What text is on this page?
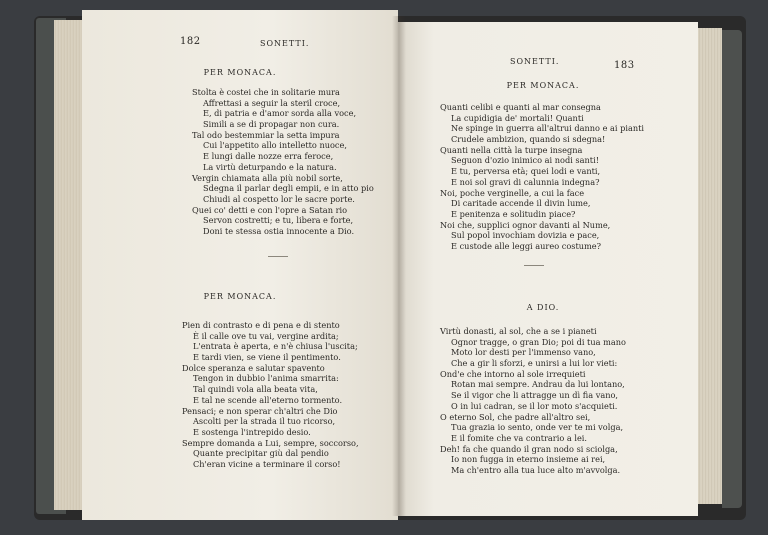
182	SONETTI.
PER MONACA.
Stolta è costei che in solitarie mura
Affrettasi a seguir la steril croce,
E, di patria e d'amor sorda alla voce,
Simili a se di propagar non cura.
Tal odo bestemmiar la setta impura
Cui l'appetito allo intelletto nuoce,
E lungi dalle nozze erra feroce,
La virtù deturpando e la natura.
Vergin chiamata alla più nobil sorte,
Sdegna il parlar degli empii, e in atto pio
Chiudi al cospetto lor le sacre porte.
Quei co' detti e con l'opre a Satan rio
Servon costretti; e tu, libera e forte,
Doni te stessa ostia innocente a Dio.
PER MONACA.
Pien di contrasto e di pena e di stento
È il calle ove tu vai, vergine ardita;
L'entrata è aperta, e n'è chiusa l'uscita;
E tardi vien, se viene il pentimento.
Dolce speranza e salutar spavento
Tengon in dubbio l'anima smarrita:
Tal quindi vola alla beata vita,
E tal ne scende all'eterno tormento.
Pensaci; e non sperar ch'altri che Dio
Ascolti per la strada il tuo ricorso,
E sostenga l'intrepido desio.
Sempre domanda a Lui, sempre, soccorso,
Quante precipitar giù dal pendio
Ch'eran vicine a terminare il corso!
SONETTI.	183
PER MONACA.
Quanti celibi e quanti al mar consegna
La cupidigia de' mortali! Quanti
Ne spinge in guerra all'altrui danno e ai pianti
Crudele ambizion, quando si sdegna!
Quanti nella città la turpe insegna
Seguon d'ozio inimico ai nodi santi!
E tu, perversa età; quei lodi e vanti,
E noi sol gravi di calunnia indegna?
Noi, poche verginelle, a cui la face
Di caritade accende il divin lume,
E penitenza e solitudin piace?
Noi che, supplici ognor davanti al Nume,
Sul popol invochiam dovizia e pace,
E custode alle leggi aureo costume?
A DIO.
Virtù donasti, al sol, che a se i pianeti
Ognor tragge, o gran Dio; poi di tua mano
Moto lor desti per l'immenso vano,
Che a gir li sforzi, e unirsi a lui lor vieti:
Ond'e che intorno al sole irrequieti
Rotan mai sempre. Andrau da lui lontano,
Se il vigor che li attragge un dì fia vano,
O in lui cadran, se il lor moto s'acquieti.
O eterno Sol, che padre all'altro sei,
Tua grazia io sento, onde ver te mi volga,
E il fomite che va contrario a lei.
Deh! fa che quando il gran nodo si sciolga,
Io non fugga in eterno insieme ai rei,
Ma ch'entro alla tua luce alto m'avvolga.
